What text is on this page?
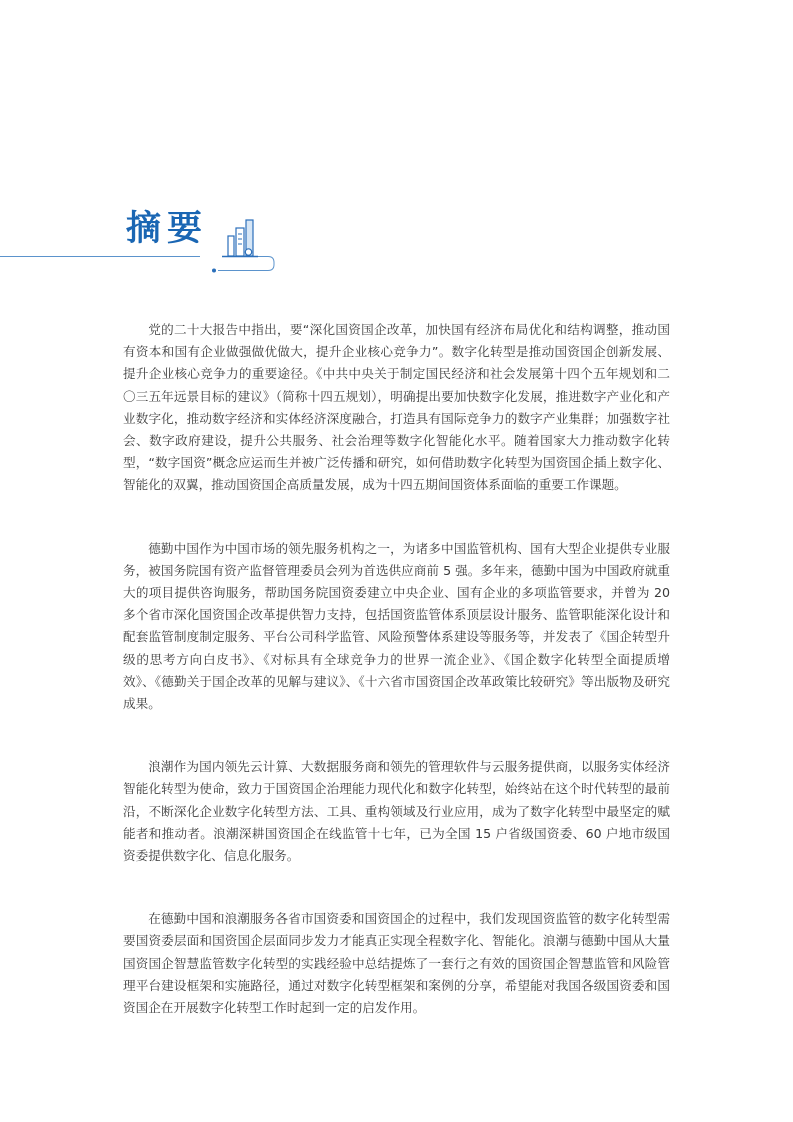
摘要

党的二十大报告中指出，要“深化国资国企改革，加快国有经济布局优化和结构调整，推动国有资本和国有企业做强做优做大，提升企业核心竞争力”。数字化转型是推动国资国企创新发展、提升企业核心竞争力的重要途径。《中共中央关于制定国民经济和社会发展第十四个五年规划和二〇三五年远景目标的建议》（简称十四五规划），明确提出要加快数字化发展，推进数字产业化和产业数字化，推动数字经济和实体经济深度融合，打造具有国际竞争力的数字产业集群；加强数字社会、数字政府建设，提升公共服务、社会治理等数字化智能化水平。随着国家大力推动数字化转型，“数字国资”概念应运而生并被广泛传播和研究，如何借助数字化转型为国资国企插上数字化、智能化的双翼，推动国资国企高质量发展，成为十四五期间国资体系面临的重要工作课题。

德勤中国作为中国市场的领先服务机构之一，为诸多中国监管机构、国有大型企业提供专业服务，被国务院国有资产监督管理委员会列为首选供应商前 5 强。多年来，德勤中国为中国政府就重大的项目提供咨询服务，帮助国务院国资委建立中央企业、国有企业的多项监管要求，并曾为 20 多个省市深化国资国企改革提供智力支持，包括国资监管体系顶层设计服务、监管职能深化设计和配套监管制度制定服务、平台公司科学监管、风险预警体系建设等服务等，并发表了《国企转型升级的思考方向白皮书》、《对标具有全球竞争力的世界一流企业》、《国企数字化转型全面提质增效》、《德勤关于国企改革的见解与建议》、《十六省市国资国企改革政策比较研究》等出版物及研究成果。

浪潮作为国内领先云计算、大数据服务商和领先的管理软件与云服务提供商，以服务实体经济智能化转型为使命，致力于国资国企治理能力现代化和数字化转型，始终站在这个时代转型的最前沿，不断深化企业数字化转型方法、工具、重构领域及行业应用，成为了数字化转型中最坚定的赋能者和推动者。浪潮深耕国资国企在线监管十七年，已为全国 15 户省级国资委、60 户地市级国资委提供数字化、信息化服务。

在德勤中国和浪潮服务各省市国资委和国资国企的过程中，我们发现国资监管的数字化转型需要国资委层面和国资国企层面同步发力才能真正实现全程数字化、智能化。浪潮与德勤中国从大量国资国企智慧监管数字化转型的实践经验中总结提炼了一套行之有效的国资国企智慧监管和风险管理平台建设框架和实施路径，通过对数字化转型框架和案例的分享，希望能对我国各级国资委和国资国企在开展数字化转型工作时起到一定的启发作用。
